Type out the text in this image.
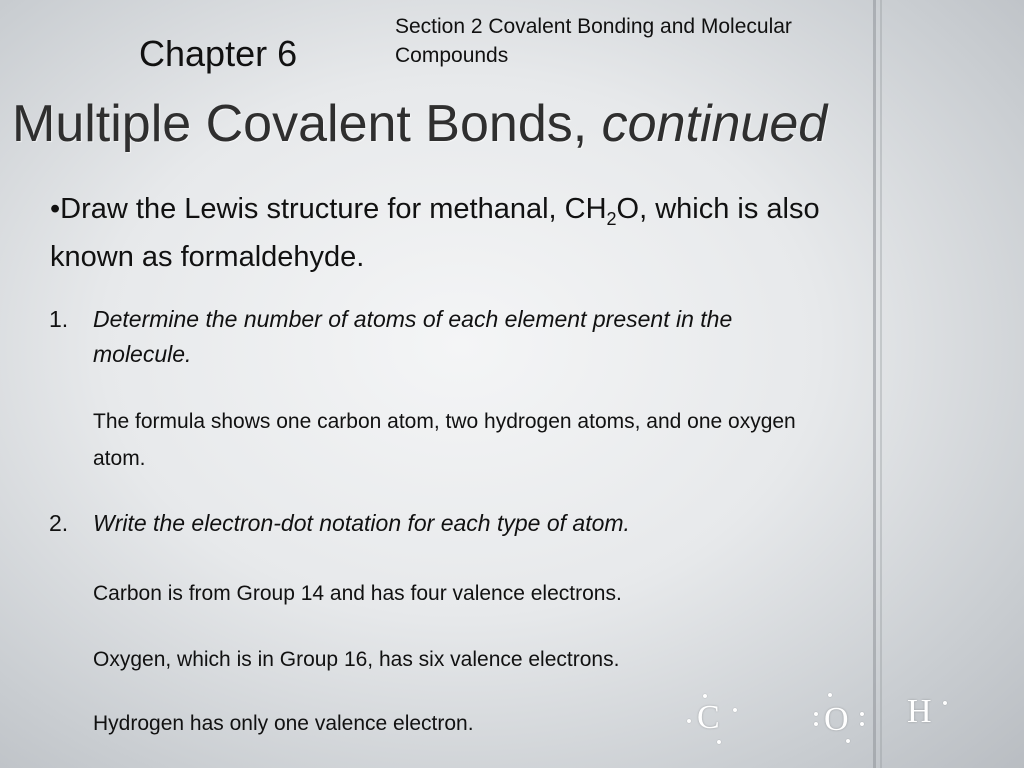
Chapter 6
Section 2 Covalent Bonding and Molecular Compounds
Multiple Covalent Bonds, continued
•Draw the Lewis structure for methanal, $CH_2O$, which is also known as formaldehyde.
1. Determine the number of atoms of each element present in the molecule.
The formula shows one carbon atom, two hydrogen atoms, and one oxygen atom.
2. Write the electron-dot notation for each type of atom.
Carbon is from Group 14 and has four valence electrons.
Oxygen, which is in Group 16, has six valence electrons.
Hydrogen has only one valence electron.	C	O H
